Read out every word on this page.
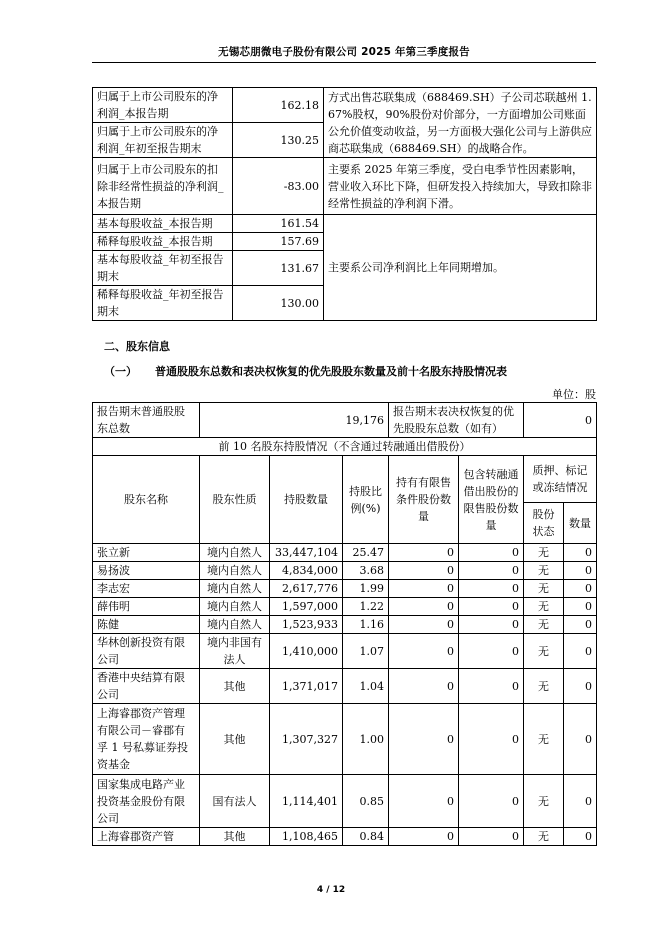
无锡芯朋微电子股份有限公司 2025 年第三季度报告
归属于上市公司股东的净利润_本报告期	162.18	方式出售芯联集成（688469.SH）子公司芯联越州 1.67%股权，90%股份对价部分，一方面增加公司账面公允价值变动收益，另一方面极大强化公司与上游供应商芯联集成（688469.SH）的战略合作。
归属于上市公司股东的净利润_年初至报告期末	130.25	
归属于上市公司股东的扣除非经常性损益的净利润_本报告期	-83.00	主要系 2025 年第三季度，受白电季节性因素影响，营业收入环比下降，但研发投入持续加大，导致扣除非经常性损益的净利润下滑。
基本每股收益_本报告期	161.54	主要系公司净利润比上年同期增加。
稀释每股收益_本报告期	157.69	
基本每股收益_年初至报告期末	131.67	
稀释每股收益_年初至报告期末	130.00	
二、股东信息
（一） 普通股股东总数和表决权恢复的优先股股东数量及前十名股东持股情况表
单位：股
报告期末普通股股东总数	19,176			报告期末表决权恢复的优先股股东总数（如有）		0	
前 10 名股东持股情况（不含通过转融通出借股份）							
股东名称	股东性质	持股数量	持股比例(%)	持有有限售条件股份数量	包含转融通借出股份的限售股份数量	质押、标记或冻结情况	
						股份状态	数量
张立新	境内自然人	33,447,104	25.47	0	0	无	0
易扬波	境内自然人	4,834,000	3.68	0	0	无	0
李志宏	境内自然人	2,617,776	1.99	0	0	无	0
薛伟明	境内自然人	1,597,000	1.22	0	0	无	0
陈健	境内自然人	1,523,933	1.16	0	0	无	0
华林创新投资有限公司	境内非国有法人	1,410,000	1.07	0	0	无	0
香港中央结算有限公司	其他	1,371,017	1.04	0	0	无	0
上海睿郡资产管理有限公司－睿郡有孚 1 号私募证券投资基金	其他	1,307,327	1.00	0	0	无	0
国家集成电路产业投资基金股份有限公司	国有法人	1,114,401	0.85	0	0	无	0
上海睿郡资产管	其他	1,108,465	0.84	0	0	无	0
4 / 12
